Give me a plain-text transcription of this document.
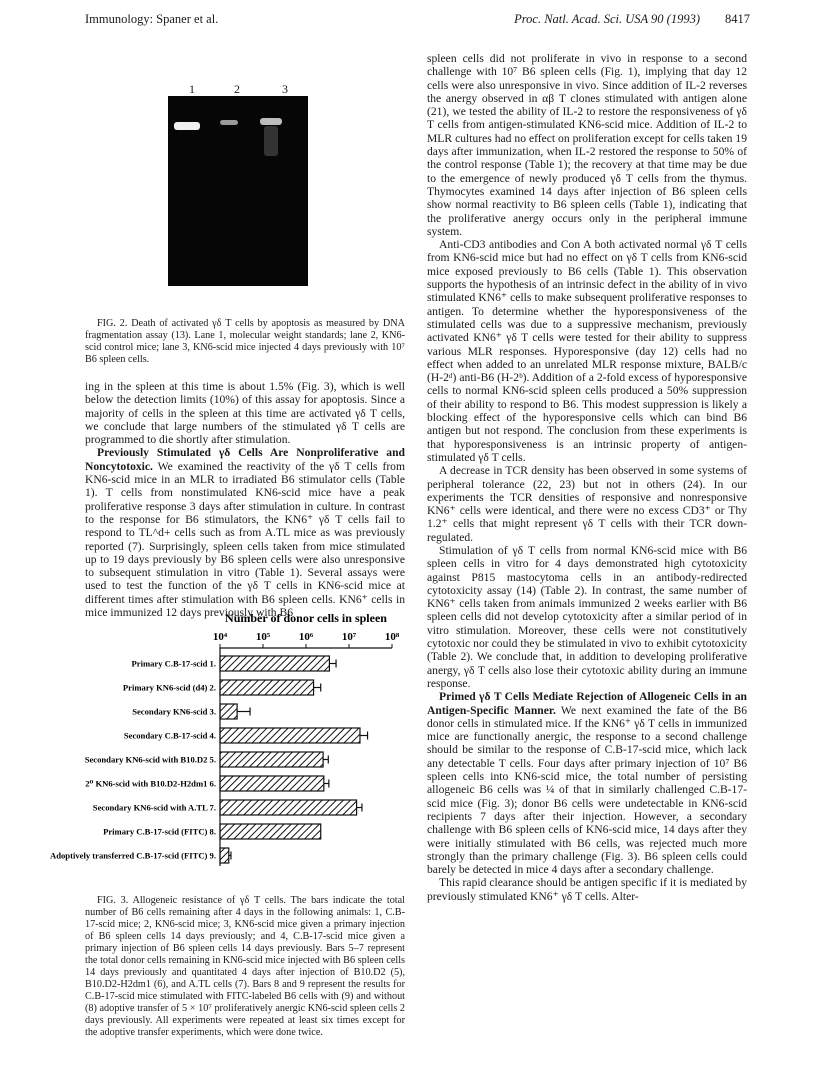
Immunology: Spaner et al.	Proc. Natl. Acad. Sci. USA 90 (1993) 8417
1	2	3

FIG. 2. Death of activated γδ T cells by apoptosis as measured by DNA fragmentation assay (13). Lane 1, molecular weight standards; lane 2, KN6-scid control mice; lane 3, KN6-scid mice injected 4 days previously with 10⁷ B6 spleen cells.

ing in the spleen at this time is about 1.5% (Fig. 3), which is well below the detection limits (10%) of this assay for apoptosis. Since a majority of cells in the spleen at this time are activated γδ T cells, we conclude that large numbers of the stimulated γδ T cells are programmed to die shortly after stimulation.

Previously Stimulated γδ Cells Are Nonproliferative and Noncytotoxic. We examined the reactivity of the γδ T cells from KN6-scid mice in an MLR to irradiated B6 stimulator cells (Table 1). T cells from nonstimulated KN6-scid mice have a peak proliferative response 3 days after stimulation in culture. In contrast to the response for B6 stimulators, the KN6⁺ γδ T cells fail to respond to TL^d+ cells such as from A.TL mice as was previously reported (7). Surprisingly, spleen cells taken from mice stimulated up to 19 days previously by B6 spleen cells were also unresponsive to subsequent stimulation in vitro (Table 1). Several assays were used to test the function of the γδ T cells in KN6-scid mice at different times after stimulation with B6 spleen cells. KN6⁺ cells in mice immunized 12 days previously with B6

Number of donor cells in spleen
10⁴	10⁵	10⁶	10⁷	10⁸
Primary C.B-17-scid 1.
Primary KN6-scid (d4) 2.
Secondary KN6-scid 3.
Secondary C.B-17-scid 4.
Secondary KN6-scid with B10.D2 5.
2⁰ KN6-scid with B10.D2-H2dm1 6.
Secondary KN6-scid with A.TL 7.
Primary C.B-17-scid (FITC) 8.
1⁰ Adoptively transferred C.B-17-scid (FITC) 9.

FIG. 3. Allogeneic resistance of γδ T cells. The bars indicate the total number of B6 cells remaining after 4 days in the following animals: 1, C.B-17-scid mice; 2, KN6-scid mice; 3, KN6-scid mice given a primary injection of B6 spleen cells 14 days previously; and 4, C.B-17-scid mice given a primary injection of B6 spleen cells 14 days previously. Bars 5–7 represent the total donor cells remaining in KN6-scid mice injected with B6 spleen cells 14 days previously and quantitated 4 days after injection of B10.D2 (5), B10.D2-H2dm1 (6), and A.TL cells (7). Bars 8 and 9 represent the results for C.B-17-scid mice stimulated with FITC-labeled B6 cells with (9) and without (8) adoptive transfer of 5 × 10⁷ proliferatively anergic KN6-scid spleen cells 2 days previously. All experiments were repeated at least six times except for the adoptive transfer experiments, which were done twice.

spleen cells did not proliferate in vivo in response to a second challenge with 10⁷ B6 spleen cells (Fig. 1), implying that day 12 cells were also unresponsive in vivo. Since addition of IL-2 reverses the anergy observed in αβ T clones stimulated with antigen alone (21), we tested the ability of IL-2 to restore the responsiveness of γδ T cells from antigen-stimulated KN6-scid mice. Addition of IL-2 to MLR cultures had no effect on proliferation except for cells taken 19 days after immunization, when IL-2 restored the response to 50% of the control response (Table 1); the recovery at that time may be due to the emergence of newly produced γδ T cells from the thymus. Thymocytes examined 14 days after injection of B6 spleen cells show normal reactivity to B6 spleen cells (Table 1), indicating that the proliferative anergy occurs only in the peripheral immune system.

Anti-CD3 antibodies and Con A both activated normal γδ T cells from KN6-scid mice but had no effect on γδ T cells from KN6-scid mice exposed previously to B6 cells (Table 1). This observation supports the hypothesis of an intrinsic defect in the ability of in vivo stimulated KN6⁺ cells to make subsequent proliferative responses to antigen. To determine whether the hyporesponsiveness of the stimulated cells was due to a suppressive mechanism, previously activated KN6⁺ γδ T cells were tested for their ability to suppress various MLR responses. Hyporesponsive (day 12) cells had no effect when added to an unrelated MLR response mixture, BALB/c (H-2ᵈ) anti-B6 (H-2ᵇ). Addition of a 2-fold excess of hyporesponsive cells to normal KN6-scid spleen cells produced a 50% suppression of their ability to respond to B6. This modest suppression is likely a blocking effect of the hyporesponsive cells which can bind B6 antigen but not respond. The conclusion from these experiments is that hyporesponsiveness is an intrinsic property of antigen-stimulated γδ T cells.

A decrease in TCR density has been observed in some systems of peripheral tolerance (22, 23) but not in others (24). In our experiments the TCR densities of responsive and nonresponsive KN6⁺ cells were identical, and there were no excess CD3⁺ or Thy 1.2⁺ cells that might represent γδ T cells with their TCR down-regulated.

Stimulation of γδ T cells from normal KN6-scid mice with B6 spleen cells in vitro for 4 days demonstrated high cytotoxicity against P815 mastocytoma cells in an antibody-redirected cytotoxicity assay (14) (Table 2). In contrast, the same number of KN6⁺ cells taken from animals immunized 2 weeks earlier with B6 spleen cells did not develop cytotoxicity after a similar period of in vitro stimulation. Moreover, these cells were not constitutively cytotoxic nor could they be stimulated in vivo to exhibit cytotoxicity (Table 2). We conclude that, in addition to developing proliferative anergy, γδ T cells also lose their cytotoxic ability during an immune response.

Primed γδ T Cells Mediate Rejection of Allogeneic Cells in an Antigen-Specific Manner. We next examined the fate of the B6 donor cells in stimulated mice. If the KN6⁺ γδ T cells in immunized mice are functionally anergic, the response to a second challenge should be similar to the response of C.B-17-scid mice, which lack any detectable T cells. Four days after primary injection of 10⁷ B6 spleen cells into KN6-scid mice, the total number of persisting allogeneic B6 cells was ¼ of that in similarly challenged C.B-17-scid mice (Fig. 3); donor B6 cells were undetectable in KN6-scid recipients 7 days after their injection. However, a secondary challenge with B6 spleen cells of KN6-scid mice, 14 days after they were initially stimulated with B6 cells, was rejected much more strongly than the primary challenge (Fig. 3). B6 spleen cells could barely be detected in mice 4 days after a secondary challenge.

This rapid clearance should be antigen specific if it is mediated by previously stimulated KN6⁺ γδ T cells. Alter-
